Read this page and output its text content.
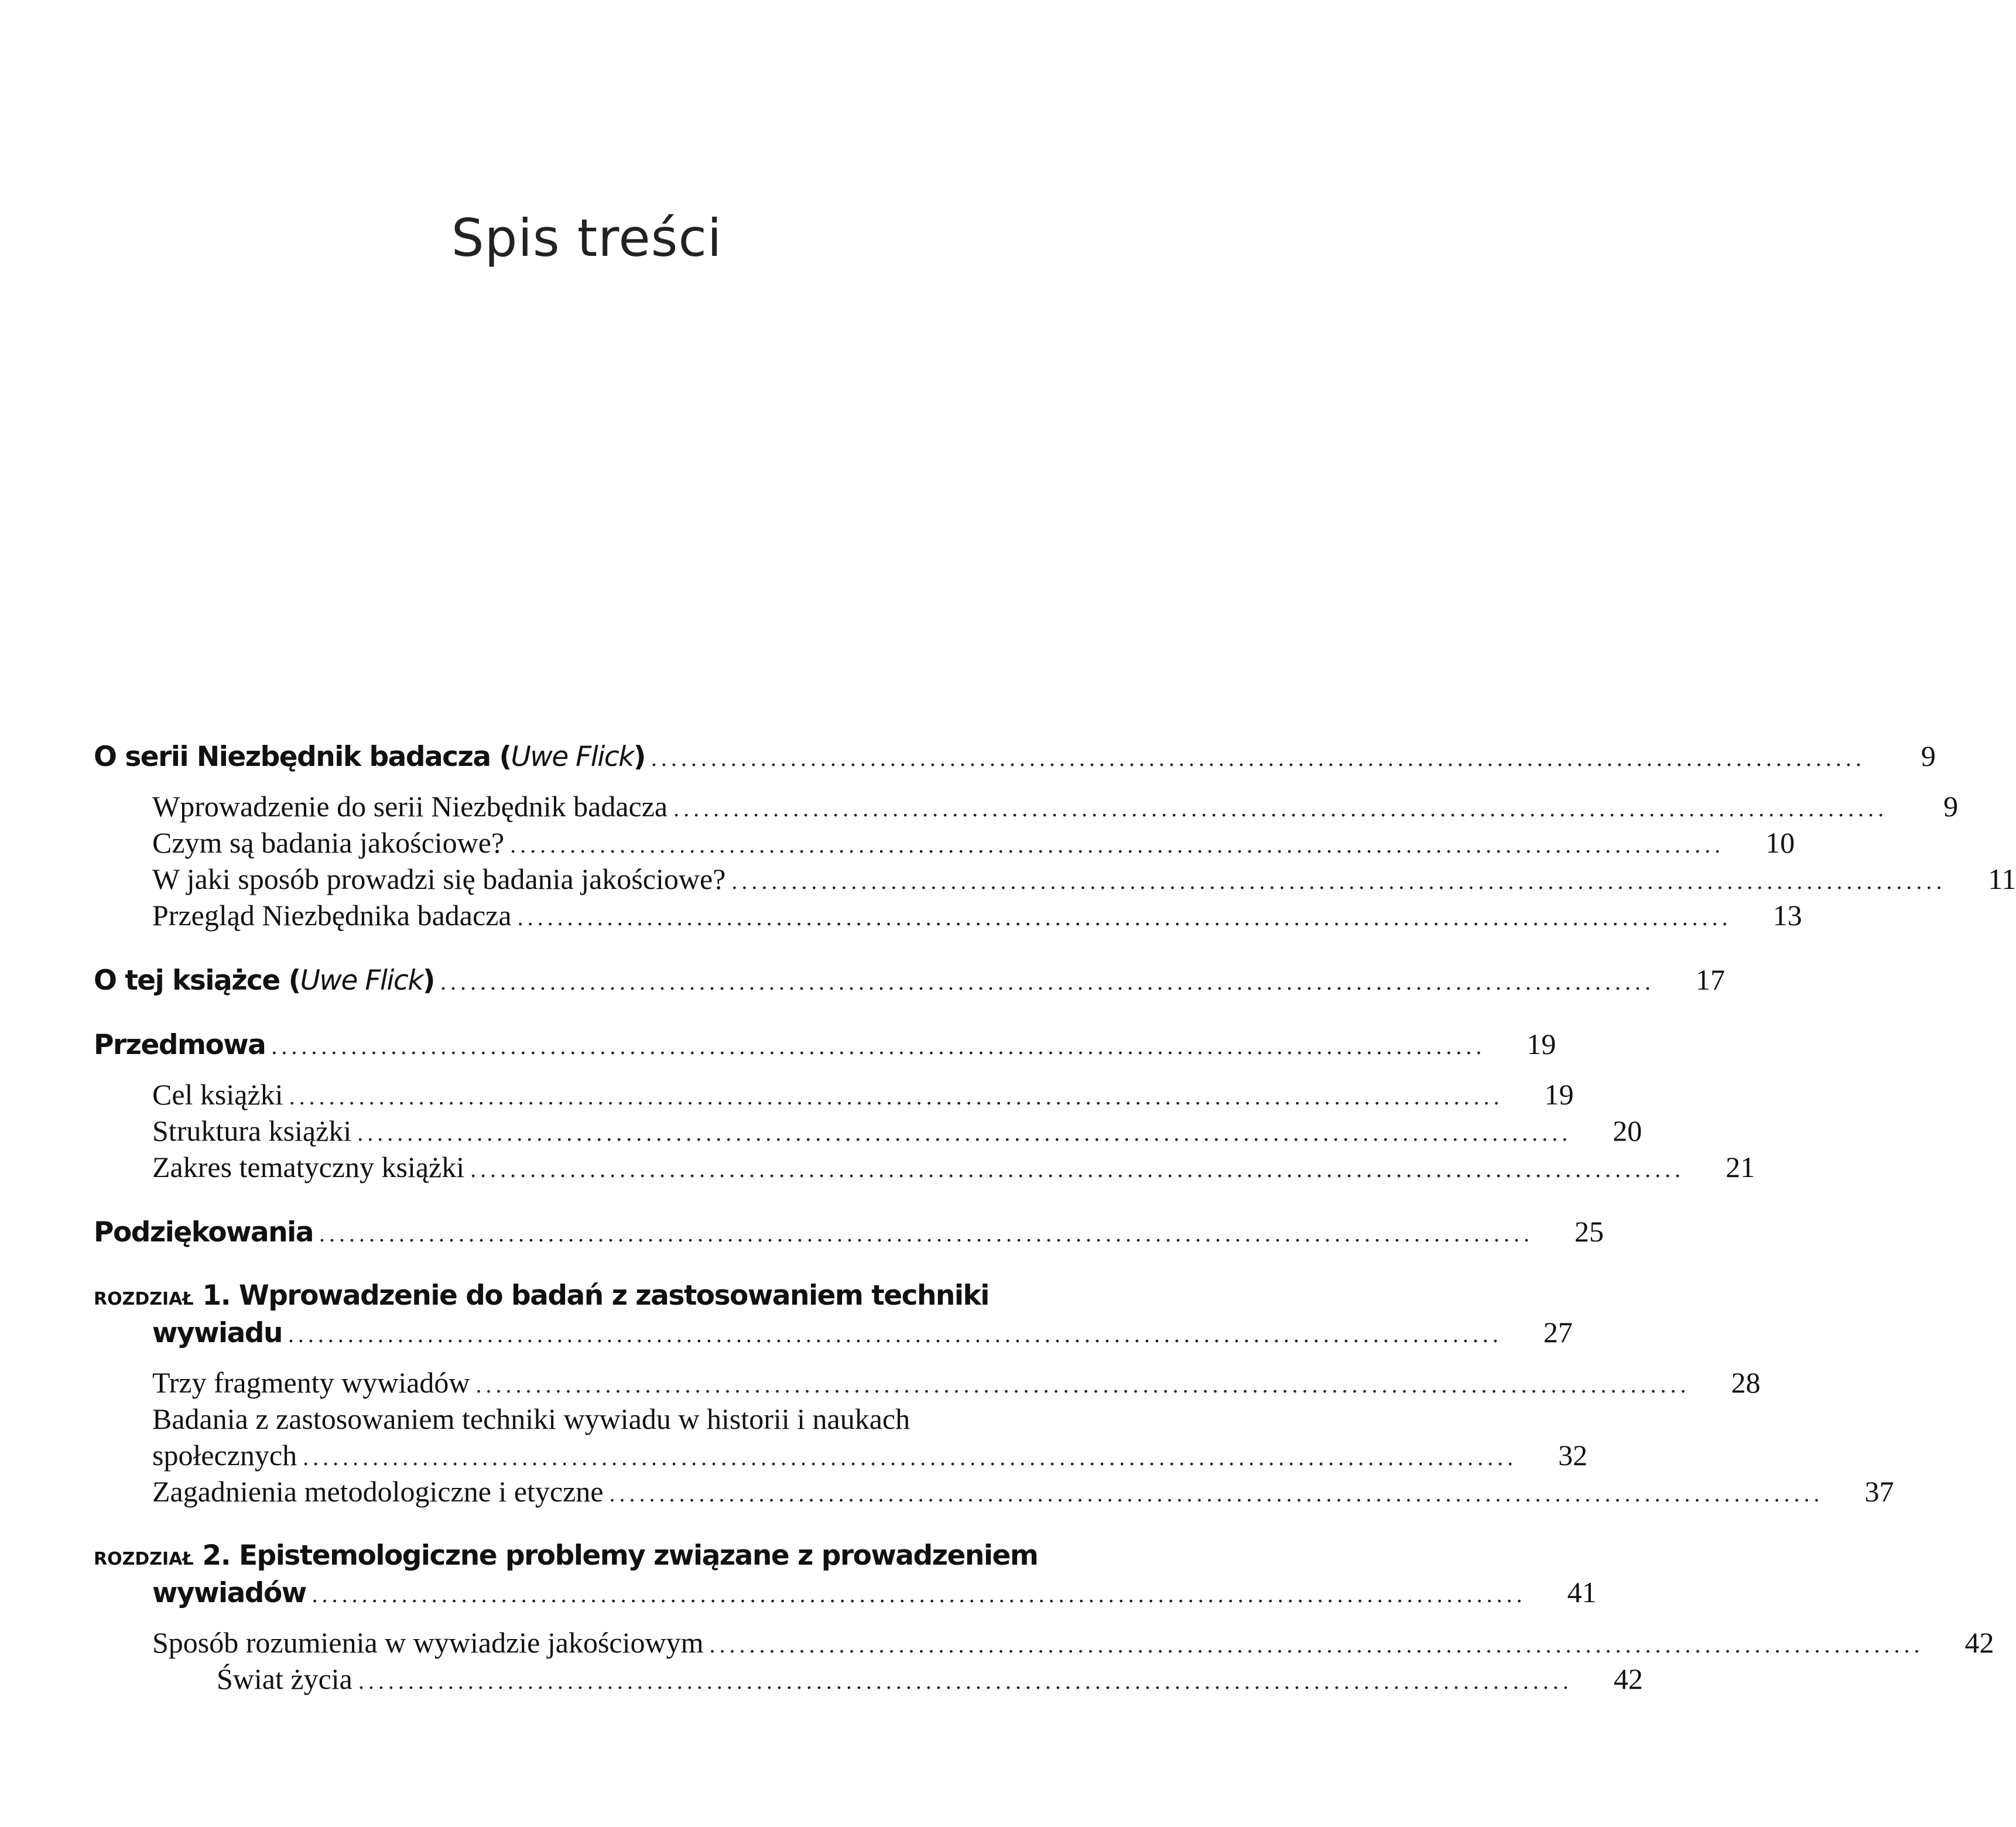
Spis treści
O serii Niezbędnik badacza (Uwe Flick) ..........................................................................................................................	9
Wprowadzenie do serii Niezbędnik badacza ..........................................................................................................................	9
Czym są badania jakościowe? ..........................................................................................................................	10
W jaki sposób prowadzi się badania jakościowe? ..........................................................................................................................	11
Przegląd Niezbędnika badacza ..........................................................................................................................	13
O tej książce (Uwe Flick) ..........................................................................................................................	17
Przedmowa ..........................................................................................................................	19
Cel książki ..........................................................................................................................	19
Struktura książki ..........................................................................................................................	20
Zakres tematyczny książki ..........................................................................................................................	21
Podziękowania ..........................................................................................................................	25
ROZDZIAŁ 1. Wprowadzenie do badań z zastosowaniem techniki
wywiadu ..........................................................................................................................	27
Trzy fragmenty wywiadów ..........................................................................................................................	28
Badania z zastosowaniem techniki wywiadu w historii i naukach
społecznych ..........................................................................................................................	32
Zagadnienia metodologiczne i etyczne ..........................................................................................................................	37
ROZDZIAŁ 2. Epistemologiczne problemy związane z prowadzeniem
wywiadów ..........................................................................................................................	41
Sposób rozumienia w wywiadzie jakościowym ..........................................................................................................................	42
Świat życia ..........................................................................................................................	42
